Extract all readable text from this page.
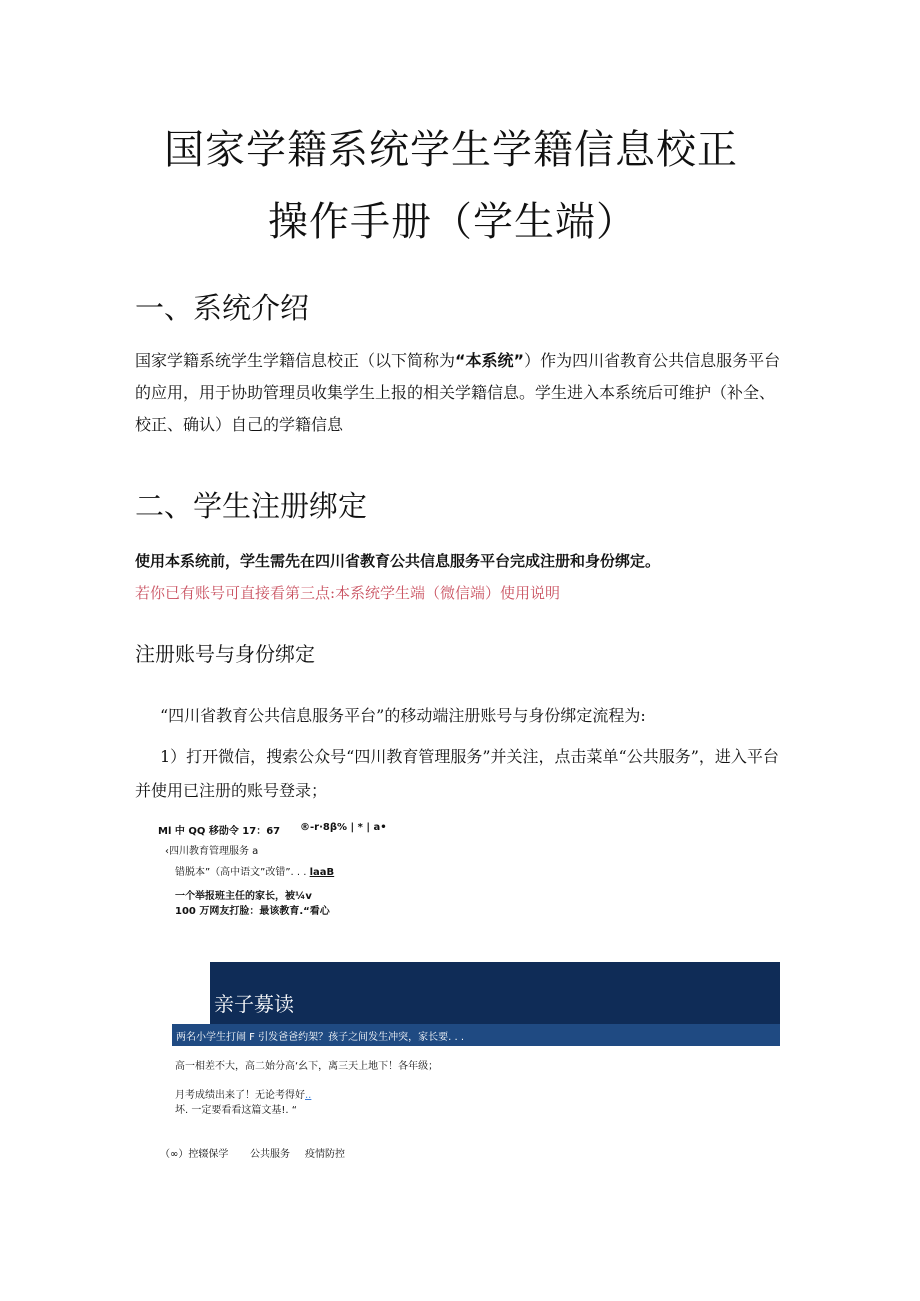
国家学籍系统学生学籍信息校正
操作手册（学生端）
一、系统介绍
国家学籍系统学生学籍信息校正（以下简称为“本系统”）作为四川省教育公共信息服务平台的应用，用于协助管理员收集学生上报的相关学籍信息。学生进入本系统后可维护（补全、校正、确认）自己的学籍信息
二、学生注册绑定
使用本系统前，学生需先在四川省教育公共信息服务平台完成注册和身份绑定。
若你已有账号可直接看第三点:本系统学生端（微信端）使用说明
注册账号与身份绑定
“四川省教育公共信息服务平台”的移动端注册账号与身份绑定流程为:
1）打开微信，搜索公众号“四川教育管理服务”并关注，点击菜单“公共服务”，进入平台并使用已注册的账号登录；
Ml 中 QQ 移劭令 17：67 ®-r·8β% | * | a•
‹四川教育管理服务 a
错脱本”（高中语文”改错”. . . laaB
一个举报班主任的家长，被¼v
100 万网友打脸：最该教育.“看心
亲子募读
两名小学生打闹 F 引发爸爸约架？孩子之间发生冲突，家长要. . .
高一相差不大，高二始分高‘幺下，离三天上地下！各年级；
月考成绩出来了！无论考得好..
坏. 一定要看看这篇文基!. “
（∞）控辍保学 公共服务 疫情防控
